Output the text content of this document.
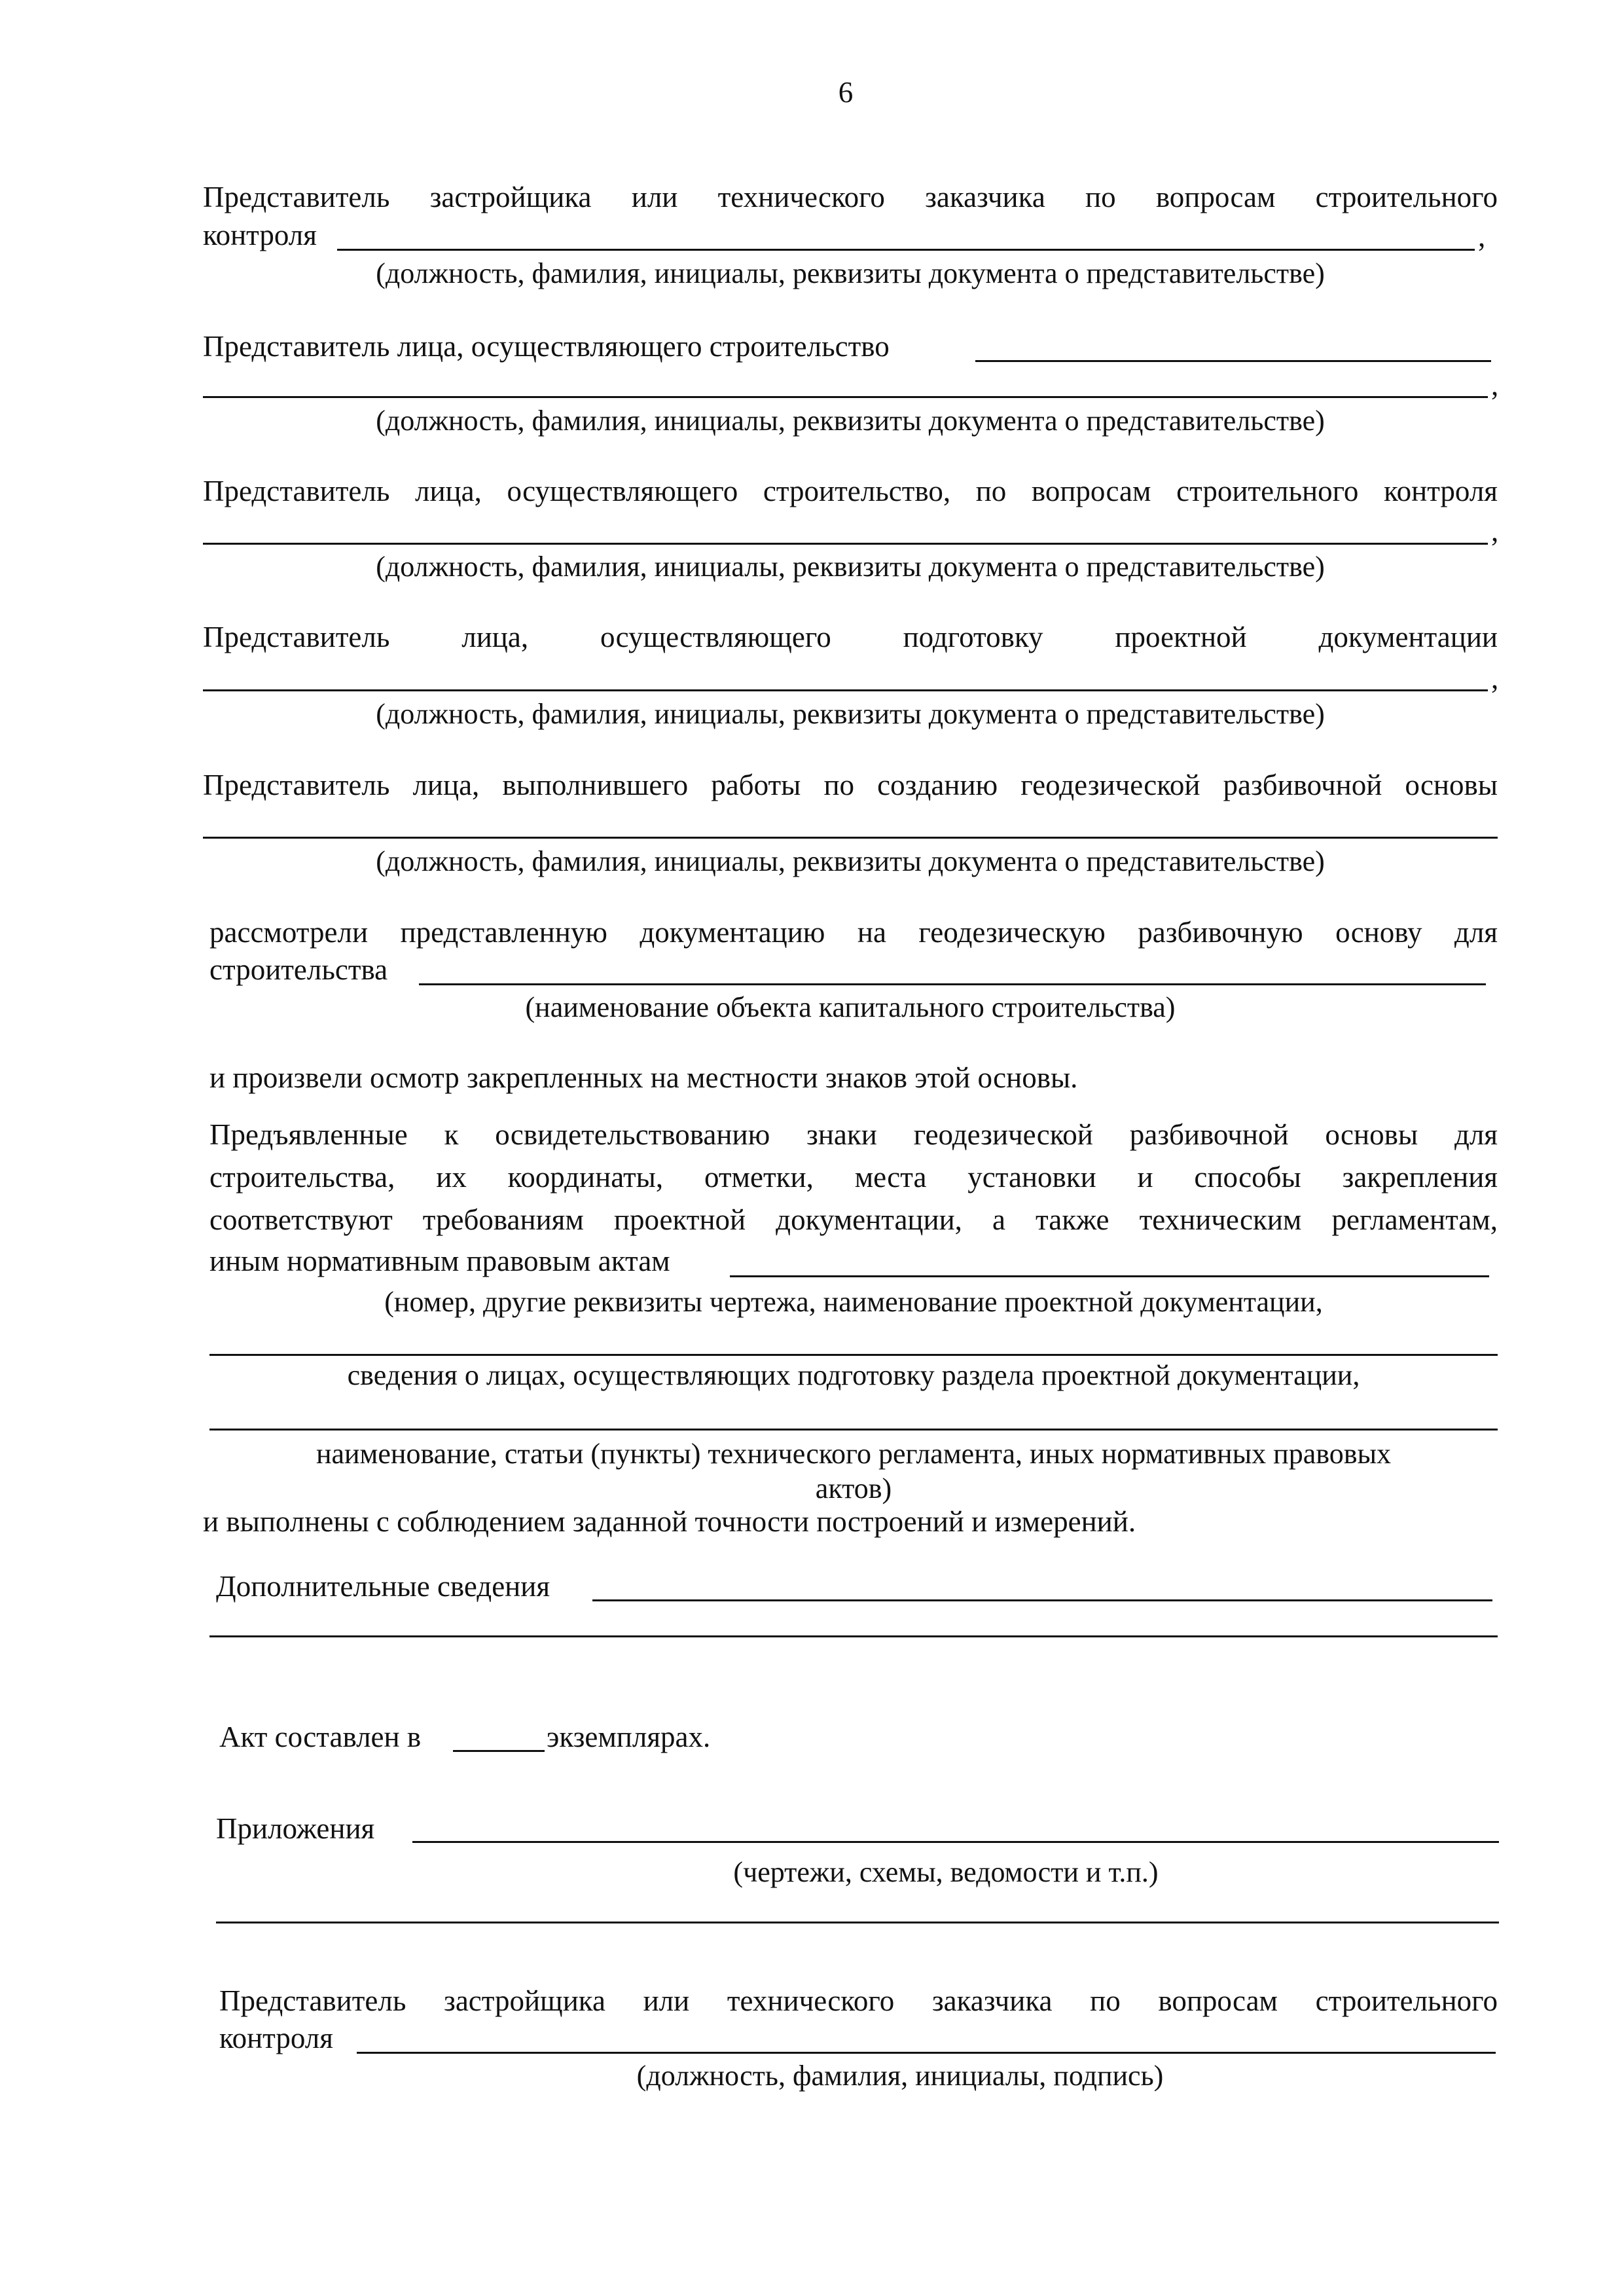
6
Представитель застройщика или технического заказчика по вопросам строительного
контроля	,
(должность, фамилия, инициалы, реквизиты документа о представительстве)
Представитель лица, осуществляющего строительство
,
(должность, фамилия, инициалы, реквизиты документа о представительстве)
Представитель лица, осуществляющего строительство, по вопросам строительного контроля
,
(должность, фамилия, инициалы, реквизиты документа о представительстве)
Представитель лица, осуществляющего подготовку проектной документации
,
(должность, фамилия, инициалы, реквизиты документа о представительстве)
Представитель лица, выполнившего работы по созданию геодезической разбивочной основы
(должность, фамилия, инициалы, реквизиты документа о представительстве)
рассмотрели представленную документацию на геодезическую разбивочную основу для
строительства
(наименование объекта капитального строительства)
и произвели осмотр закрепленных на местности знаков этой основы.
Предъявленные к освидетельствованию знаки геодезической разбивочной основы для
строительства, их координаты, отметки, места установки и способы закрепления
соответствуют требованиям проектной документации, а также техническим регламентам,
иным нормативным правовым актам
(номер, другие реквизиты чертежа, наименование проектной документации,
сведения о лицах, осуществляющих подготовку раздела проектной документации,
наименование, статьи (пункты) технического регламента, иных нормативных правовых
актов)
и выполнены с соблюдением заданной точности построений и измерений.
Дополнительные сведения
Акт составлен в	экземплярах.
Приложения
(чертежи, схемы, ведомости и т.п.)
Представитель застройщика или технического заказчика по вопросам строительного
контроля
(должность, фамилия, инициалы, подпись)
